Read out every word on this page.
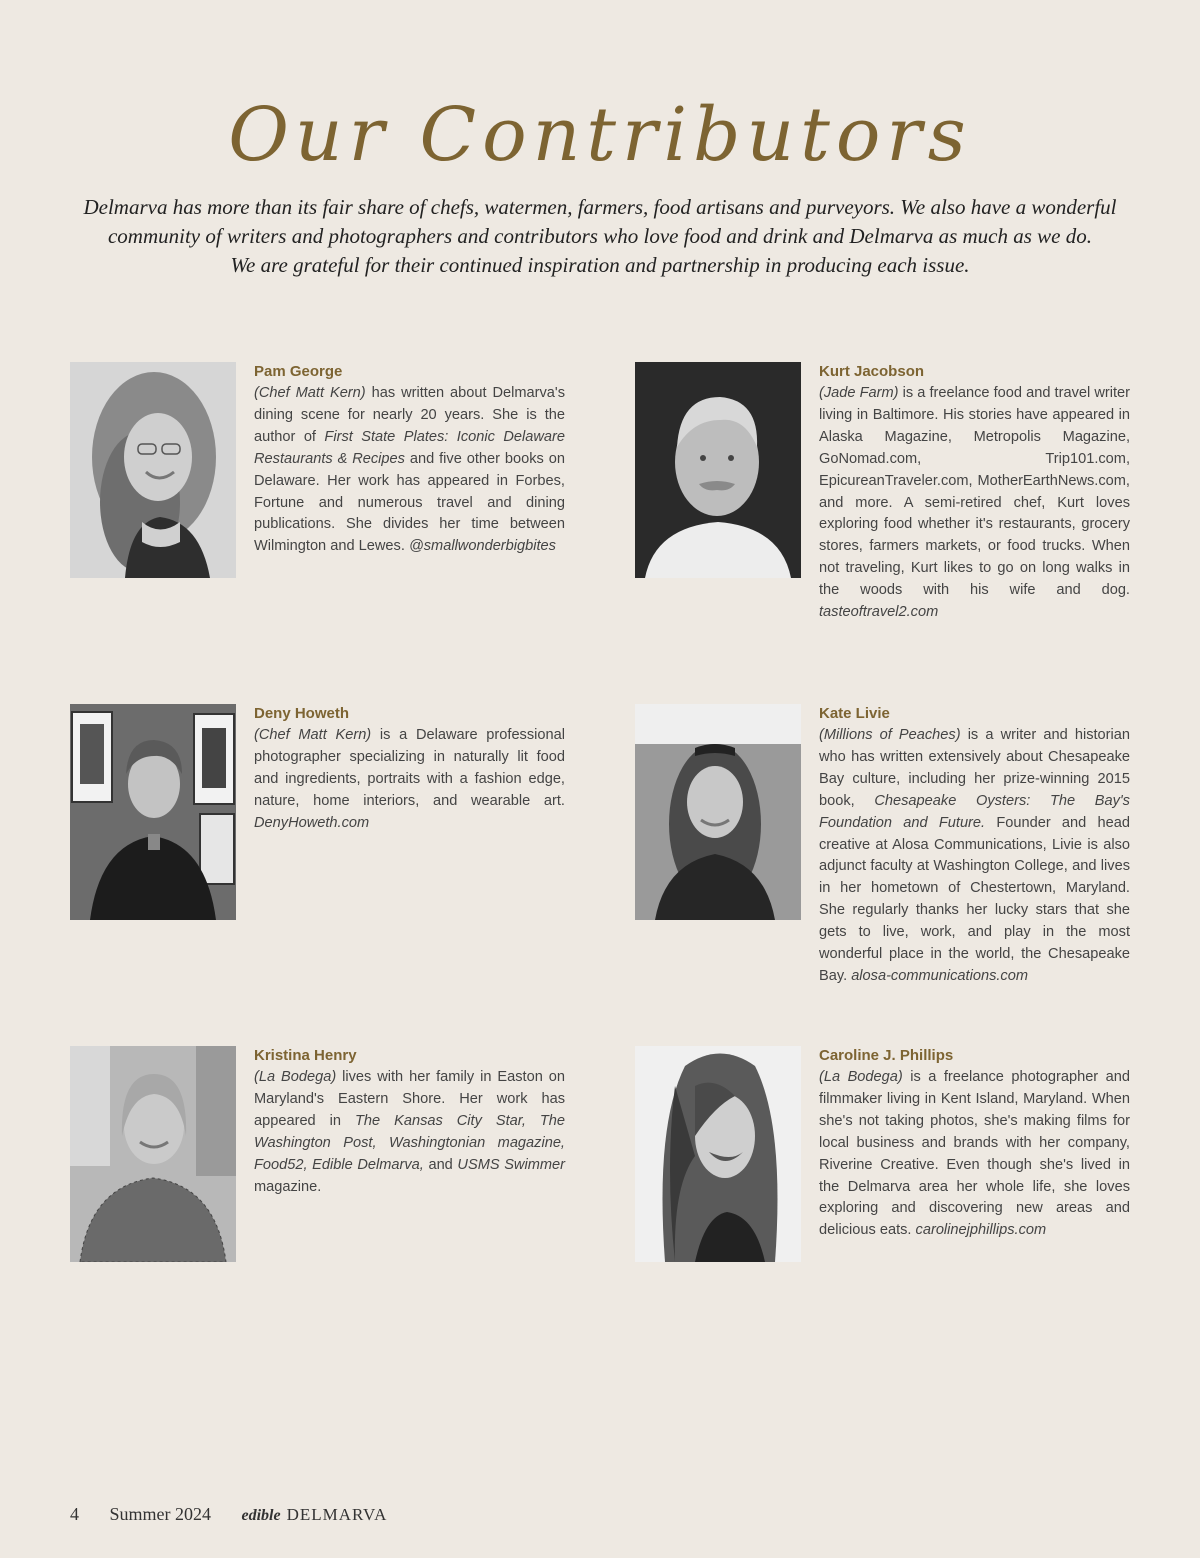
Our Contributors
Delmarva has more than its fair share of chefs, watermen, farmers, food artisans and purveyors. We also have a wonderful
community of writers and photographers and contributors who love food and drink and Delmarva as much as we do.
We are grateful for their continued inspiration and partnership in producing each issue.
Pam George
(Chef Matt Kern) has written about Delmarva's dining scene for nearly 20 years. She is the author of First State Plates: Iconic Delaware Restaurants & Recipes and five other books on Delaware. Her work has appeared in Forbes, Fortune and numerous travel and dining publications. She divides her time between Wilmington and Lewes. @smallwonderbigbites
Kurt Jacobson
(Jade Farm) is a freelance food and travel writer living in Baltimore. His stories have appeared in Alaska Magazine, Metropolis Magazine, GoNomad.com, Trip101.com, EpicureanTraveler.com, MotherEarthNews.com, and more. A semi-retired chef, Kurt loves exploring food whether it's restaurants, grocery stores, farmers markets, or food trucks. When not traveling, Kurt likes to go on long walks in the woods with his wife and dog. tasteoftravel2.com
Deny Howeth
(Chef Matt Kern) is a Delaware professional photographer specializing in naturally lit food and ingredients, portraits with a fashion edge, nature, home interiors, and wearable art. DenyHoweth.com
Kate Livie
(Millions of Peaches) is a writer and historian who has written extensively about Chesapeake Bay culture, including her prize-winning 2015 book, Chesapeake Oysters: The Bay's Foundation and Future. Founder and head creative at Alosa Communications, Livie is also adjunct faculty at Washington College, and lives in her hometown of Chestertown, Maryland. She regularly thanks her lucky stars that she gets to live, work, and play in the most wonderful place in the world, the Chesapeake Bay. alosa-communications.com
Kristina Henry
(La Bodega) lives with her family in Easton on Maryland's Eastern Shore. Her work has appeared in The Kansas City Star, The Washington Post, Washingtonian magazine, Food52, Edible Delmarva, and USMS Swimmer magazine.
Caroline J. Phillips
(La Bodega) is a freelance photographer and filmmaker living in Kent Island, Maryland. When she's not taking photos, she's making films for local business and brands with her company, Riverine Creative. Even though she's lived in the Delmarva area her whole life, she loves exploring and discovering new areas and delicious eats. carolinejphillips.com
4 Summer 2024 edible DELMARVA
